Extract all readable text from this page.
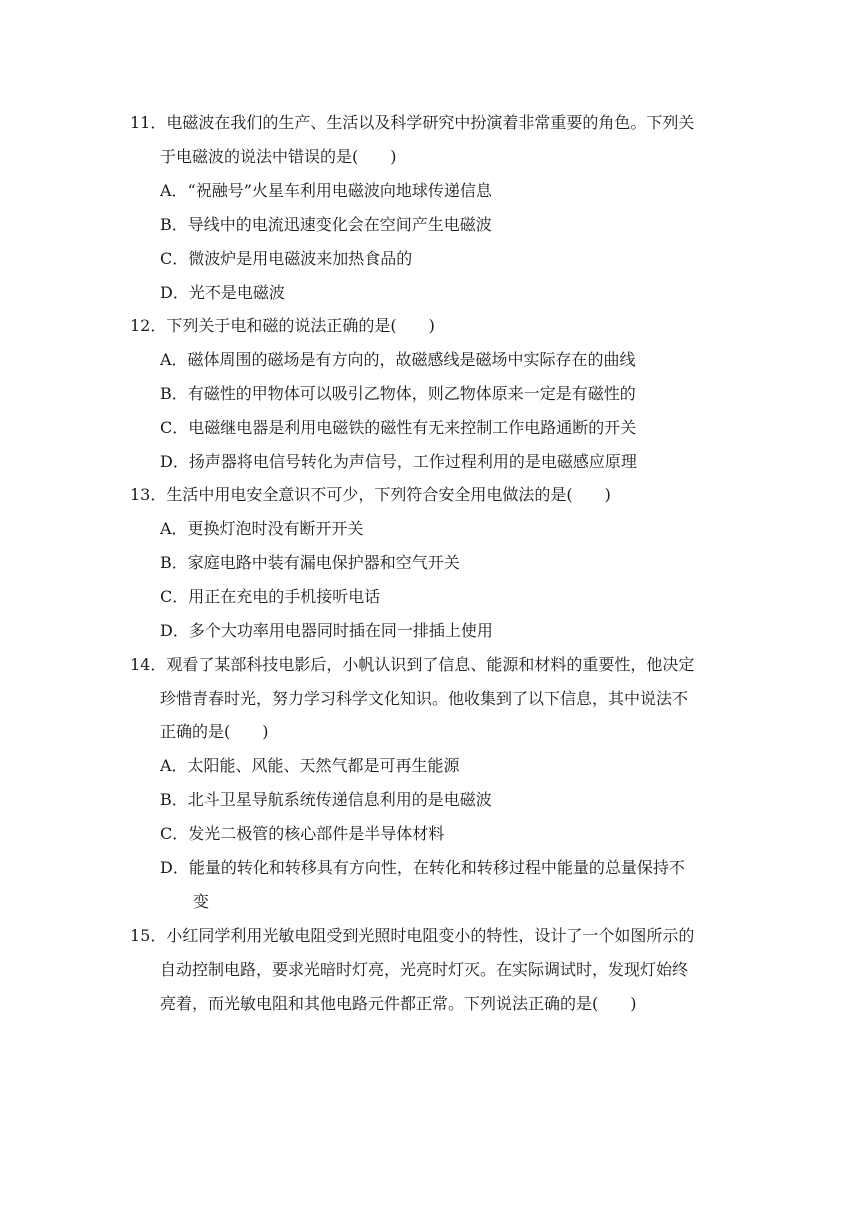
11．电磁波在我们的生产、生活以及科学研究中扮演着非常重要的角色。下列关
于电磁波的说法中错误的是(　　)
A．“祝融号”火星车利用电磁波向地球传递信息
B．导线中的电流迅速变化会在空间产生电磁波
C．微波炉是用电磁波来加热食品的
D．光不是电磁波
12．下列关于电和磁的说法正确的是(　　)
A．磁体周围的磁场是有方向的，故磁感线是磁场中实际存在的曲线
B．有磁性的甲物体可以吸引乙物体，则乙物体原来一定是有磁性的
C．电磁继电器是利用电磁铁的磁性有无来控制工作电路通断的开关
D．扬声器将电信号转化为声信号，工作过程利用的是电磁感应原理
13．生活中用电安全意识不可少，下列符合安全用电做法的是(　　)
A．更换灯泡时没有断开开关
B．家庭电路中装有漏电保护器和空气开关
C．用正在充电的手机接听电话
D．多个大功率用电器同时插在同一排插上使用
14．观看了某部科技电影后，小帆认识到了信息、能源和材料的重要性，他决定
珍惜青春时光，努力学习科学文化知识。他收集到了以下信息，其中说法不
正确的是(　　)
A．太阳能、风能、天然气都是可再生能源
B．北斗卫星导航系统传递信息利用的是电磁波
C．发光二极管的核心部件是半导体材料
D．能量的转化和转移具有方向性，在转化和转移过程中能量的总量保持不
变
15．小红同学利用光敏电阻受到光照时电阻变小的特性，设计了一个如图所示的
自动控制电路，要求光暗时灯亮，光亮时灯灭。在实际调试时，发现灯始终
亮着，而光敏电阻和其他电路元件都正常。下列说法正确的是(　　)
